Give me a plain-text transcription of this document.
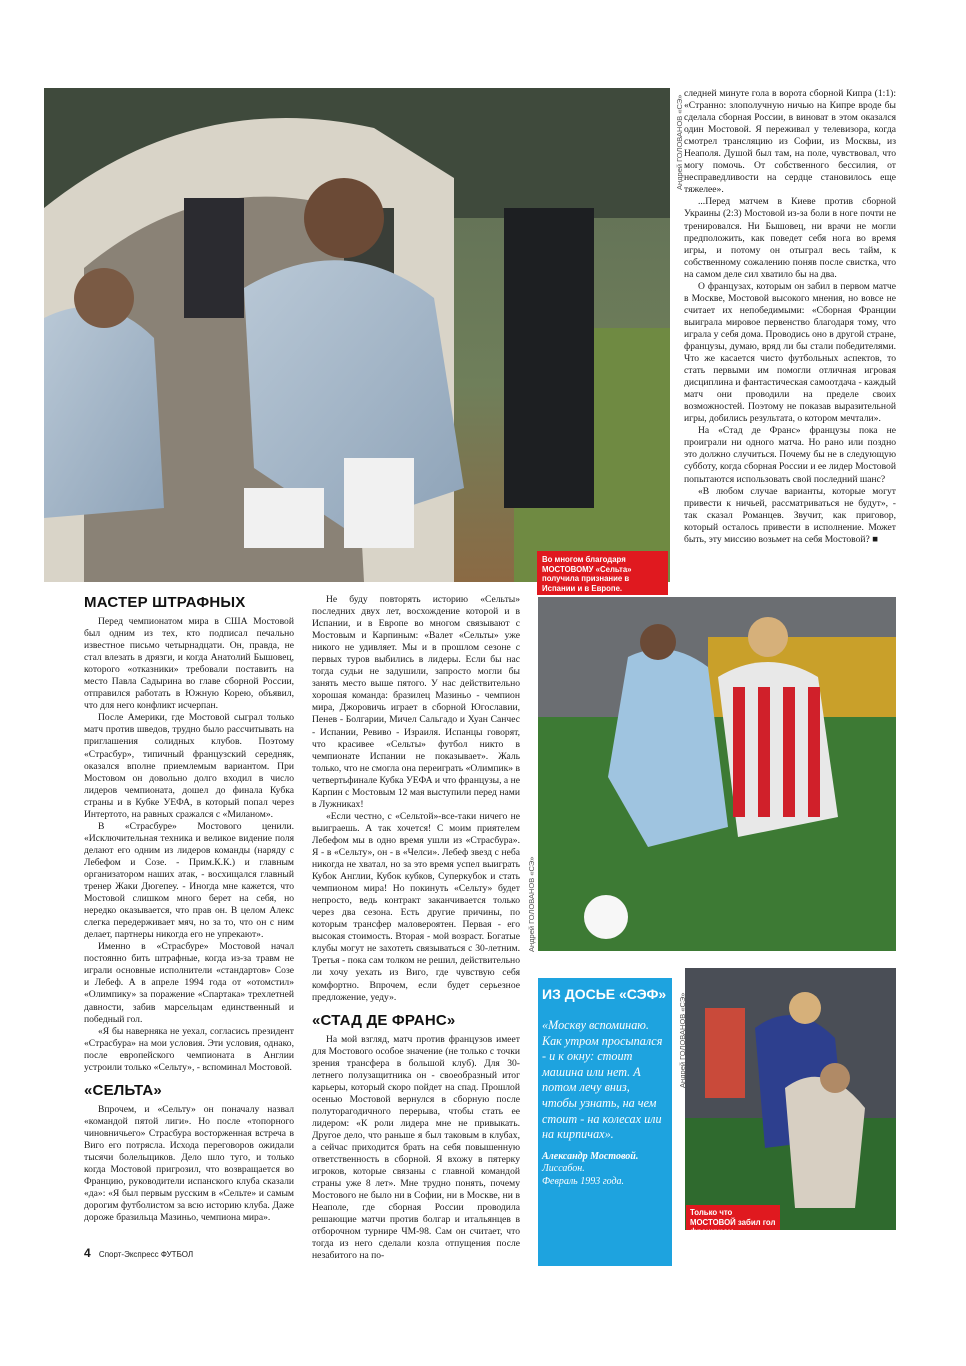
Андрей ГОЛОВАНОВ «СЭ»
Во многом благодаря МОСТОВОМУ «Сельта» получила признание в Испании и в Европе.

следней минуте гола в ворота сборной Кипра (1:1): «Странно: злополучную ничью на Кипре вроде бы сделала сборная России, в виноват в этом оказался один Мостовой. Я переживал у телевизора, когда смотрел трансляцию из Софии, из Москвы, из Неаполя. Душой был там, на поле, чувствовал, что могу помочь. От собственного бессилия, от несправедливости на сердце становилось еще тяжелее».

...Перед матчем в Киеве против сборной Украины (2:3) Мостовой из-за боли в ноге почти не тренировался. Ни Бышовец, ни врачи не могли предположить, как поведет себя нога во время игры, и потому он отыграл весь тайм, к собственному сожалению поняв после свистка, что на самом деле сил хватило бы на два.

О французах, которым он забил в первом матче в Москве, Мостовой высокого мнения, но вовсе не считает их непобедимыми: «Сборная Франции выиграла мировое первенство благодаря тому, что играла у себя дома. Проводись оно в другой стране, французы, думаю, вряд ли бы стали победителями. Что же касается чисто футбольных аспектов, то стать первыми им помогли отличная игровая дисциплина и фантастическая самоотдача - каждый матч они проводили на пределе своих возможностей. Поэтому не показав выразительной игры, добились результата, о котором мечтали».

На «Стад де Франс» французы пока не проиграли ни одного матча. Но рано или поздно это должно случиться. Почему бы не в следующую субботу, когда сборная России и ее лидер Мостовой попытаются использовать свой последний шанс?

«В любом случае варианты, которые могут привести к ничьей, рассматриваться не будут», - так сказал Романцев. Звучит, как приговор, который осталось привести в исполнение. Может быть, эту миссию возьмет на себя Мостовой? ■

МАСТЕР ШТРАФНЫХ

Перед чемпионатом мира в США Мостовой был одним из тех, кто подписал печально известное письмо четырнадцати. Он, правда, не стал влезать в дрязги, и когда Анатолий Бышовец, которого «отказники» требовали поставить на место Павла Садырина во главе сборной России, отправился работать в Южную Корею, объявил, что для него конфликт исчерпан.

После Америки, где Мостовой сыграл только матч против шведов, трудно было рассчитывать на приглашения солидных клубов. Поэтому «Страсбур», типичный французский середняк, оказался вполне приемлемым вариантом. При Мостовом он довольно долго входил в число лидеров чемпионата, дошел до финала Кубка страны и в Кубке УЕФА, в который попал через Интертото, на равных сражался с «Миланом».

В «Страсбуре» Мостового ценили. «Исключительная техника и великое видение поля делают его одним из лидеров команды (наряду с Лебефом и Созе. - Прим.К.К.) и главным организатором наших атак, - восхищался главный тренер Жаки Дюгепеу. - Иногда мне кажется, что Мостовой слишком много берет на себя, но нередко оказывается, что прав он. В целом Алекс слегка передерживает мяч, но за то, что он с ним делает, партнеры никогда его не упрекают».

Именно в «Страсбуре» Мостовой начал постоянно бить штрафные, когда из-за травм не играли основные исполнители «стандартов» Созе и Лебеф. А в апреле 1994 года от «отомстил» «Олимпику» за поражение «Спартака» трехлетней давности, забив марсельцам единственный и победный гол.

«Я бы наверняка не уехал, согласись президент «Страсбура» на мои условия. Эти условия, однако, после европейского чемпионата в Англии устроили только «Сельту», - вспоминал Мостовой.

«СЕЛЬТА»

Впрочем, и «Сельту» он поначалу назвал «командой пятой лиги». Но после «топорного чиновничьего» Страсбура восторженная встреча в Виго его потрясла. Исхода переговоров ожидали тысячи болельщиков. Дело шло туго, и только когда Мостовой пригрозил, что возвращается во Францию, руководители испанского клуба сказали «да»: «Я был первым русским в «Сельте» и самым дорогим футболистом за всю историю клуба. Даже дороже бразильца Мазиньо, чемпиона мира».

Не буду повторять историю «Сельты» последних двух лет, восхождение которой и в Испании, и в Европе во многом связывают с Мостовым и Карпиным: «Валет «Сельты» уже никого не удивляет. Мы и в прошлом сезоне с первых туров выбились в лидеры. Если бы нас тогда судьи не задушили, запросто могли бы занять место выше пятого. У нас действительно хорошая команда: бразилец Мазиньо - чемпион мира, Джоровичь играет в сборной Югославии, Пенев - Болгарии, Мичел Сальгадо и Хуан Санчес - Испании, Ревиво - Израиля. Испанцы говорят, что красивее «Сельты» футбол никто в чемпионате Испании не показывает». Жаль только, что не смогла она переиграть «Олимпик» в четвертьфинале Кубка УЕФА и что французы, а не Карпин с Мостовым 12 мая выступили перед нами в Лужниках!

«Если честно, с «Сельтой»-все-таки ничего не выиграешь. А так хочется! С моим приятелем Лебефом мы в одно время ушли из «Страсбура». Я - в «Сельту», он - в «Челси». Лебеф звезд с неба никогда не хватал, но за это время успел выиграть Кубок Англии, Кубок кубков, Суперкубок и стать чемпионом мира! Но покинуть «Сельту» будет непросто, ведь контракт заканчивается только через два сезона. Есть другие причины, по которым трансфер маловероятен. Первая - его высокая стоимость. Вторая - мой возраст. Богатые клубы могут не захотеть связываться с 30-летним. Третья - пока сам толком не решил, действительно ли хочу уехать из Виго, где чувствую себя комфортно. Впрочем, если будет серьезное предложение, уеду».

«СТАД ДЕ ФРАНС»

На мой взгляд, матч против французов имеет для Мостового особое значение (не только с точки зрения трансфера в большой клуб). Для 30-летнего полузащитника он - своеобразный итог карьеры, который скоро пойдет на спад. Прошлой осенью Мостовой вернулся в сборную после полуторагодичного перерыва, чтобы стать ее лидером: «К роли лидера мне не привыкать. Другое дело, что раньше я был таковым в клубах, а сейчас приходится брать на себя повышенную ответственность в сборной. Я вхожу в пятерку игроков, которые связаны с главной командой страны уже 8 лет». Мне трудно понять, почему Мостового не было ни в Софии, ни в Москве, ни в Неаполе, где сборная России проводила решающие матчи против болгар и итальянцев в отборочном турнире ЧМ-98. Сам он считает, что тогда из него сделали козла отпущения после незабитого на по-

Андрей ГОЛОВАНОВ «СЭ»
ИЗ ДОСЬЕ «СЭФ»
«Москву вспоминаю. Как утром просыпался - и к окну: стоит машина или нет. А потом лечу вниз, чтобы узнать, на чем стоит - на колесах или на кирпичах».
Александр Мостовой.
Лиссабон.
Февраль 1993 года.
Андрей ГОЛОВАНОВ «СЭ»
Только что МОСТОВОЙ забил гол французам.
4 Спорт-Экспресс ФУТБОЛ
